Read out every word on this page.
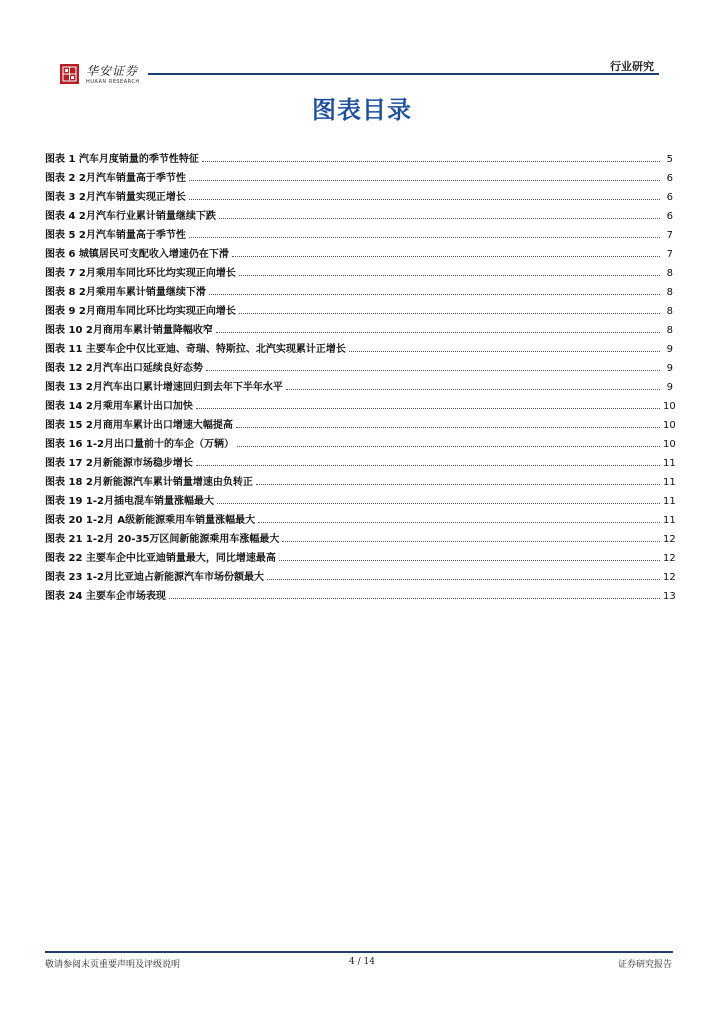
华安证券
HUAAN RESEARCH
行业研究
图表目录
图表 1 汽车月度销量的季节性特征	5
图表 2 2月汽车销量高于季节性	6
图表 3 2月汽车销量实现正增长	6
图表 4 2月汽车行业累计销量继续下跌	6
图表 5 2月汽车销量高于季节性	7
图表 6 城镇居民可支配收入增速仍在下滑	7
图表 7 2月乘用车同比环比均实现正向增长	8
图表 8 2月乘用车累计销量继续下滑	8
图表 9 2月商用车同比环比均实现正向增长	8
图表 10 2月商用车累计销量降幅收窄	8
图表 11 主要车企中仅比亚迪、奇瑞、特斯拉、北汽实现累计正增长	9
图表 12 2月汽车出口延续良好态势	9
图表 13 2月汽车出口累计增速回归到去年下半年水平	9
图表 14 2月乘用车累计出口加快	10
图表 15 2月商用车累计出口增速大幅提高	10
图表 16 1-2月出口量前十的车企（万辆）	10
图表 17 2月新能源市场稳步增长	11
图表 18 2月新能源汽车累计销量增速由负转正	11
图表 19 1-2月插电混车销量涨幅最大	11
图表 20 1-2月 A级新能源乘用车销量涨幅最大	11
图表 21 1-2月 20-35万区间新能源乘用车涨幅最大	12
图表 22 主要车企中比亚迪销量最大，同比增速最高	12
图表 23 1-2月比亚迪占新能源汽车市场份额最大	12
图表 24 主要车企市场表现	13
敬请参阅末页重要声明及评级说明	4 / 14	证券研究报告
